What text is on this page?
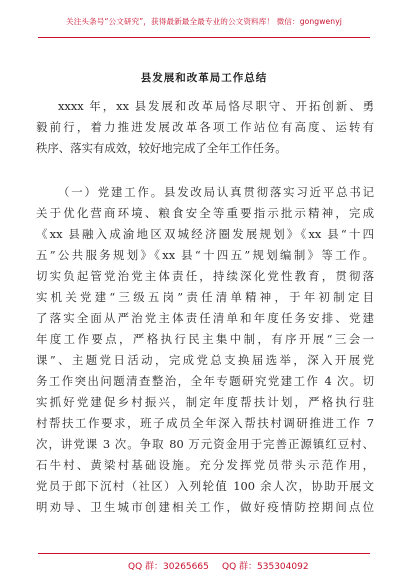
关注头条号“公文研究”，获得最新最全最专业的公文资料库！ 微信：gongwenyj
县发展和改革局工作总结

xxxx 年，xx 县发展和改革局恪尽职守、开拓创新、勇
毅前行，着力推进发展改革各项工作站位有高度、运转有
秩序、落实有成效，较好地完成了全年工作任务。

（一）党建工作。县发改局认真贯彻落实习近平总书记
关于优化营商环境、粮食安全等重要指示批示精神，完成
《xx 县融入成渝地区双城经济圈发展规划》《xx 县“十四
五”公共服务规划》《xx 县“十四五”规划编制》等工作。
切实负起管党治党主体责任，持续深化党性教育，贯彻落
实机关党建“三级五岗”责任清单精神，于年初制定目
了落实全面从严治党主体责任清单和年度任务安排、党建
年度工作要点，严格执行民主集中制，有序开展“三会一
课”、主题党日活动，完成党总支换届选举，深入开展党
务工作突出问题清查整治，全年专题研究党建工作 4 次。切
实抓好党建促乡村振兴，制定年度帮扶计划，严格执行驻
村帮扶工作要求，班子成员全年深入帮扶村调研推进工作 7
次，讲党课 3 次。争取 80 万元资金用于完善正源镇红豆村、
石牛村、黄梁村基础设施。充分发挥党员带头示范作用，
党员于郎下沉村（社区）入列轮值 100 余人次，协助开展文
明劝导、卫生城市创建相关工作，做好疫情防控期间点位

QQ 群：30265665 QQ 群：535304092
